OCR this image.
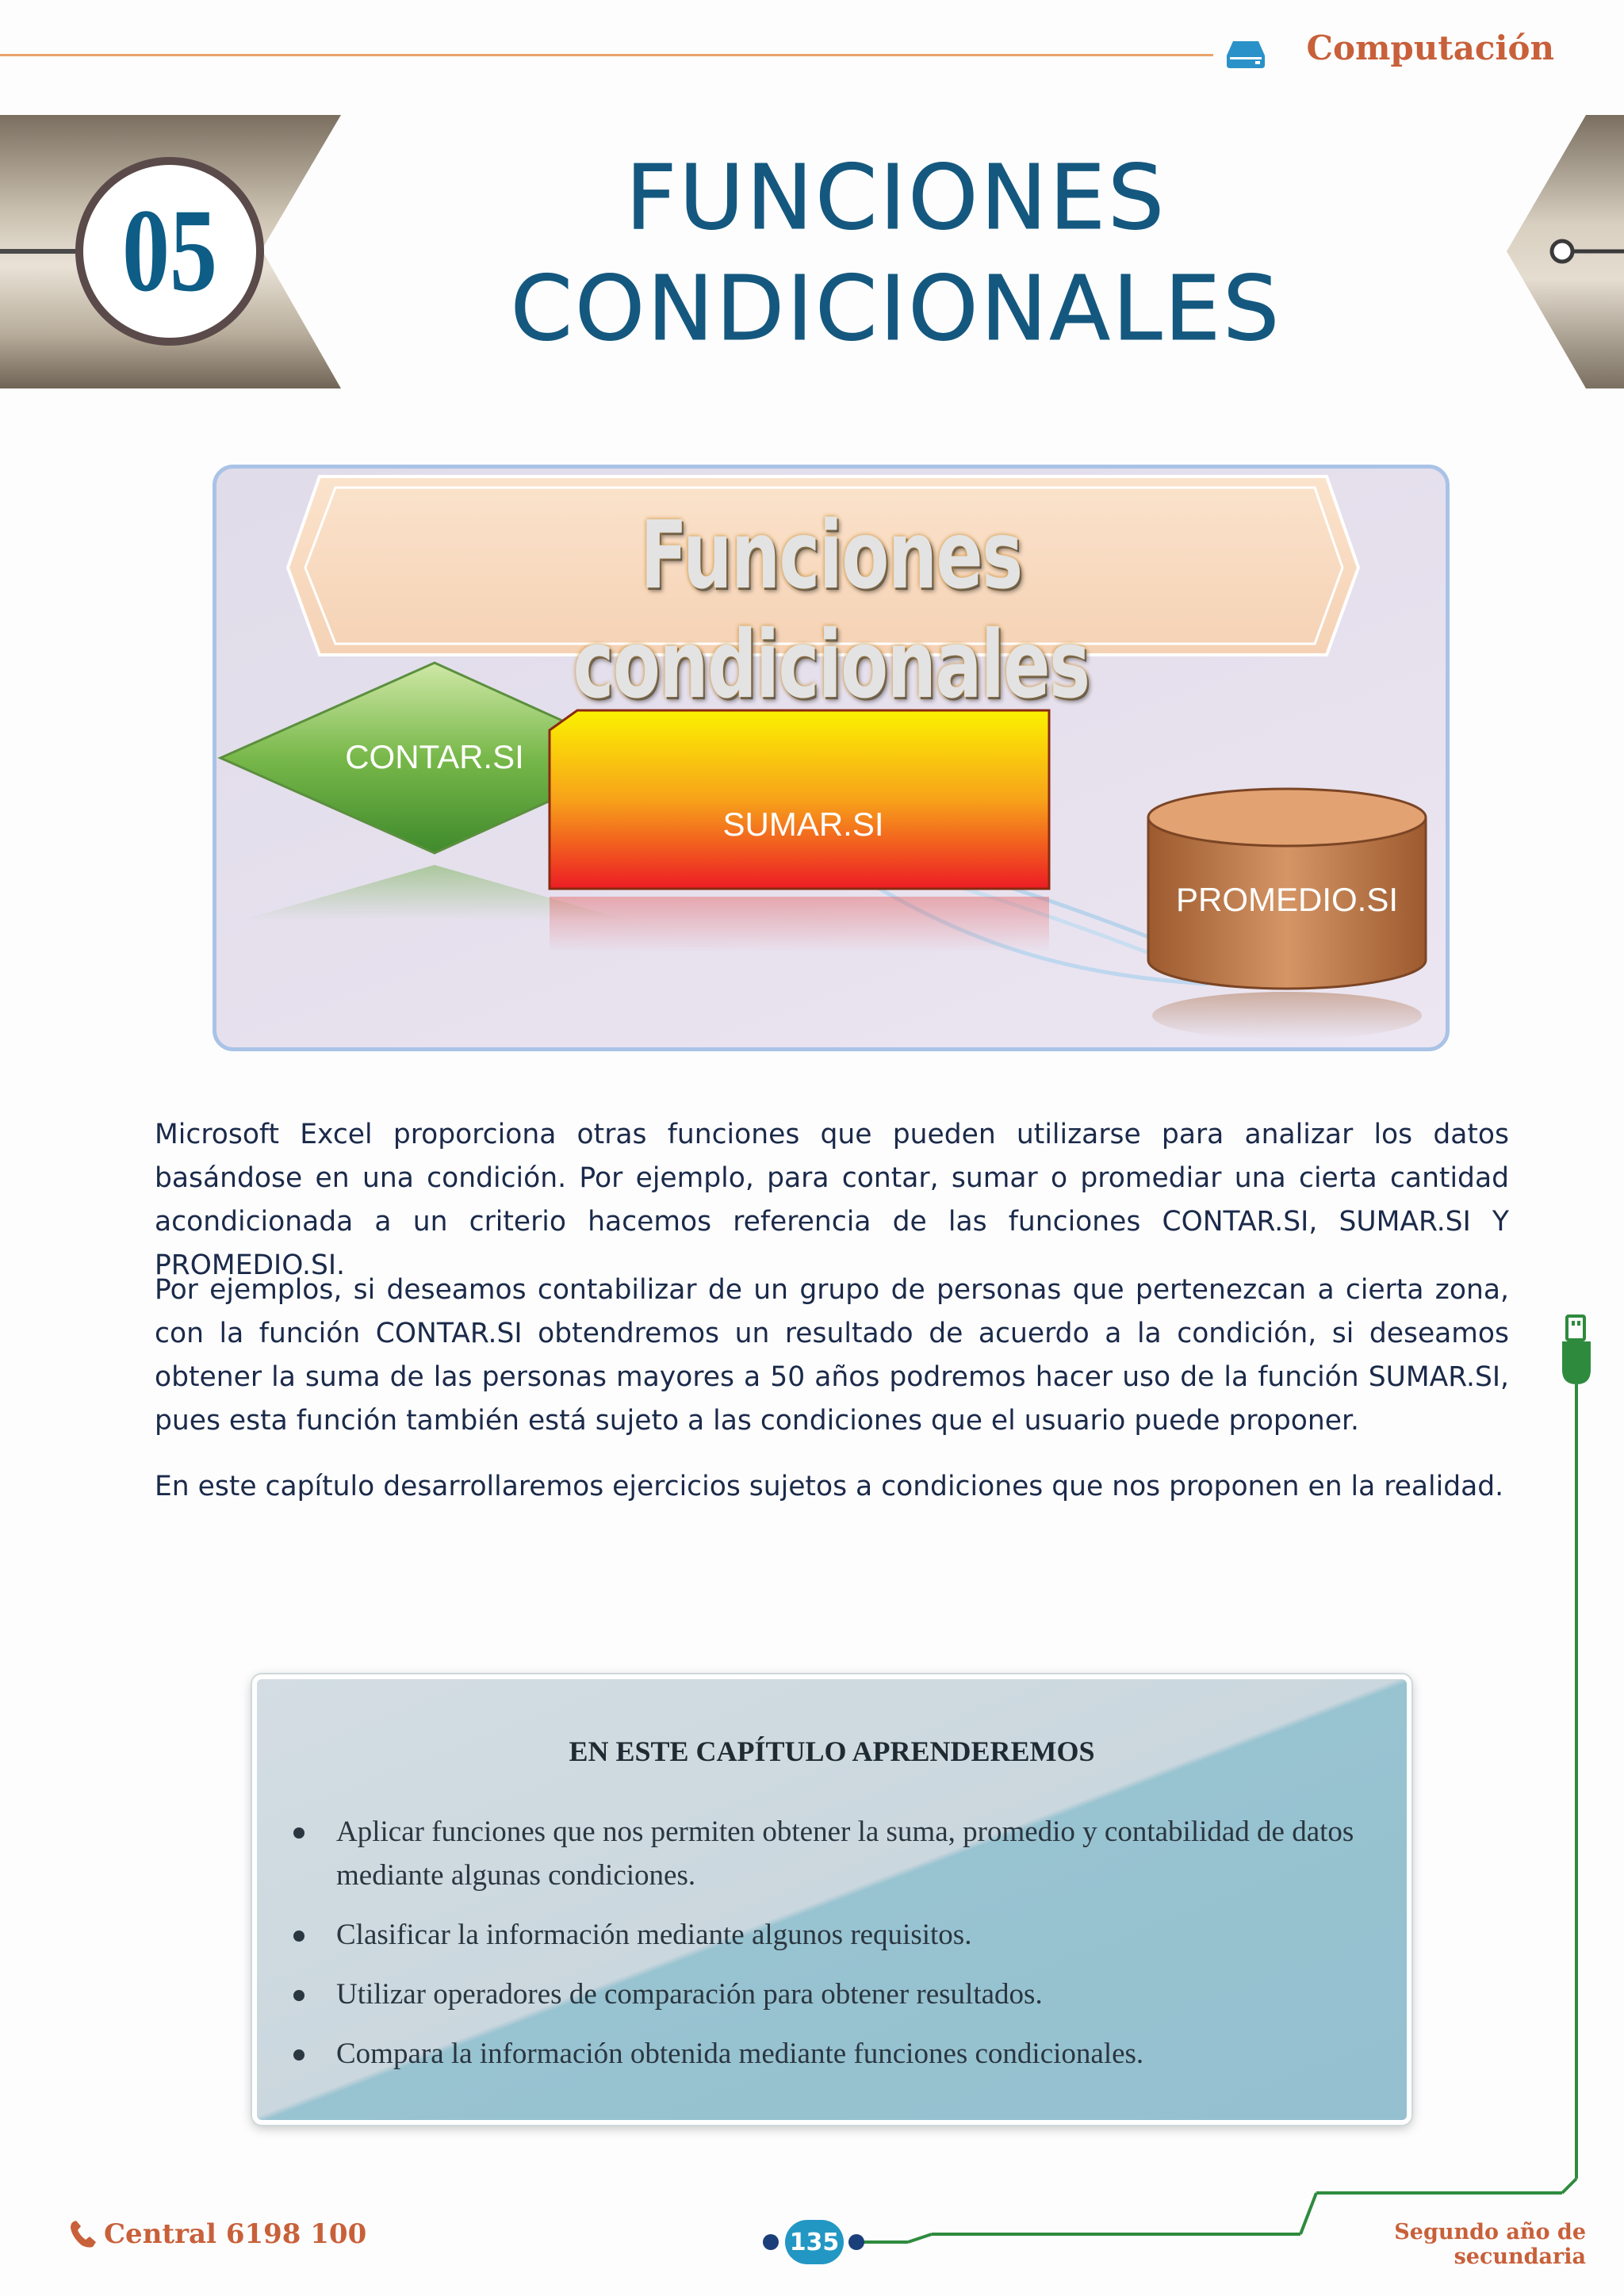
Computación
05	FUNCIONES
CONDICIONALES
Funciones condicionales
CONTAR.SI
SUMAR.SI
PROMEDIO.SI
Microsoft Excel proporciona otras funciones que pueden utilizarse para analizar los datos basándose en una condición. Por ejemplo, para contar, sumar o promediar una cierta cantidad acondicionada a un criterio hacemos referencia de las funciones CONTAR.SI, SUMAR.SI Y PROMEDIO.SI.
Por ejemplos, si deseamos contabilizar de un grupo de personas que pertenezcan a cierta zona, con la función CONTAR.SI obtendremos un resultado de acuerdo a la condición, si deseamos obtener la suma de las personas mayores a 50 años podremos hacer uso de la función SUMAR.SI, pues esta función también está sujeto a las condiciones que el usuario puede proponer.
En este capítulo desarrollaremos ejercicios sujetos a condiciones que nos proponen en la realidad.
EN ESTE CAPÍTULO APRENDEREMOS
Aplicar funciones que nos permiten obtener la suma, promedio y contabilidad de datos mediante algunas condiciones.
Clasificar la información mediante algunos requisitos.
Utilizar operadores de comparación para obtener resultados.
Compara la información obtenida mediante funciones condicionales.
Central 6198 100	135	Segundo año de secundaria
